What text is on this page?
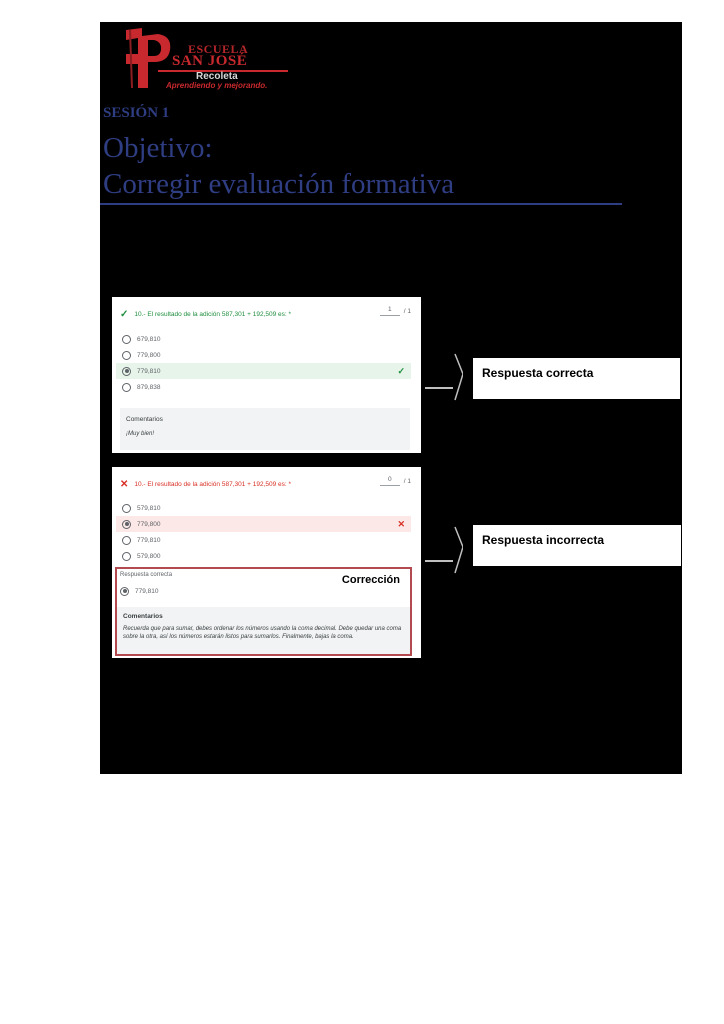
ESCUELA
SAN JOSÉ
Recoleta
Aprendiendo y mejorando.
SESIÓN 1
Objetivo:
Corregir evaluación formativa
✓ 10.- El resultado de la adición 587,301 + 192,509 es: *
1	/ 1
679,810
779,800
779,810	✓
879,838
Comentarios
¡Muy bien!
✕ 10.- El resultado de la adición 587,301 + 192,509 es: *
0	/ 1
579,810
779,800	✕
779,810
579,800
Respuesta correcta	Corrección
779,810
Comentarios
Recuerda que para sumar, debes ordenar los números usando la coma decimal. Debe quedar una coma sobre la otra, así los números estarán listos para sumarlos. Finalmente, bajas la coma.
Respuesta correcta
Respuesta incorrecta
